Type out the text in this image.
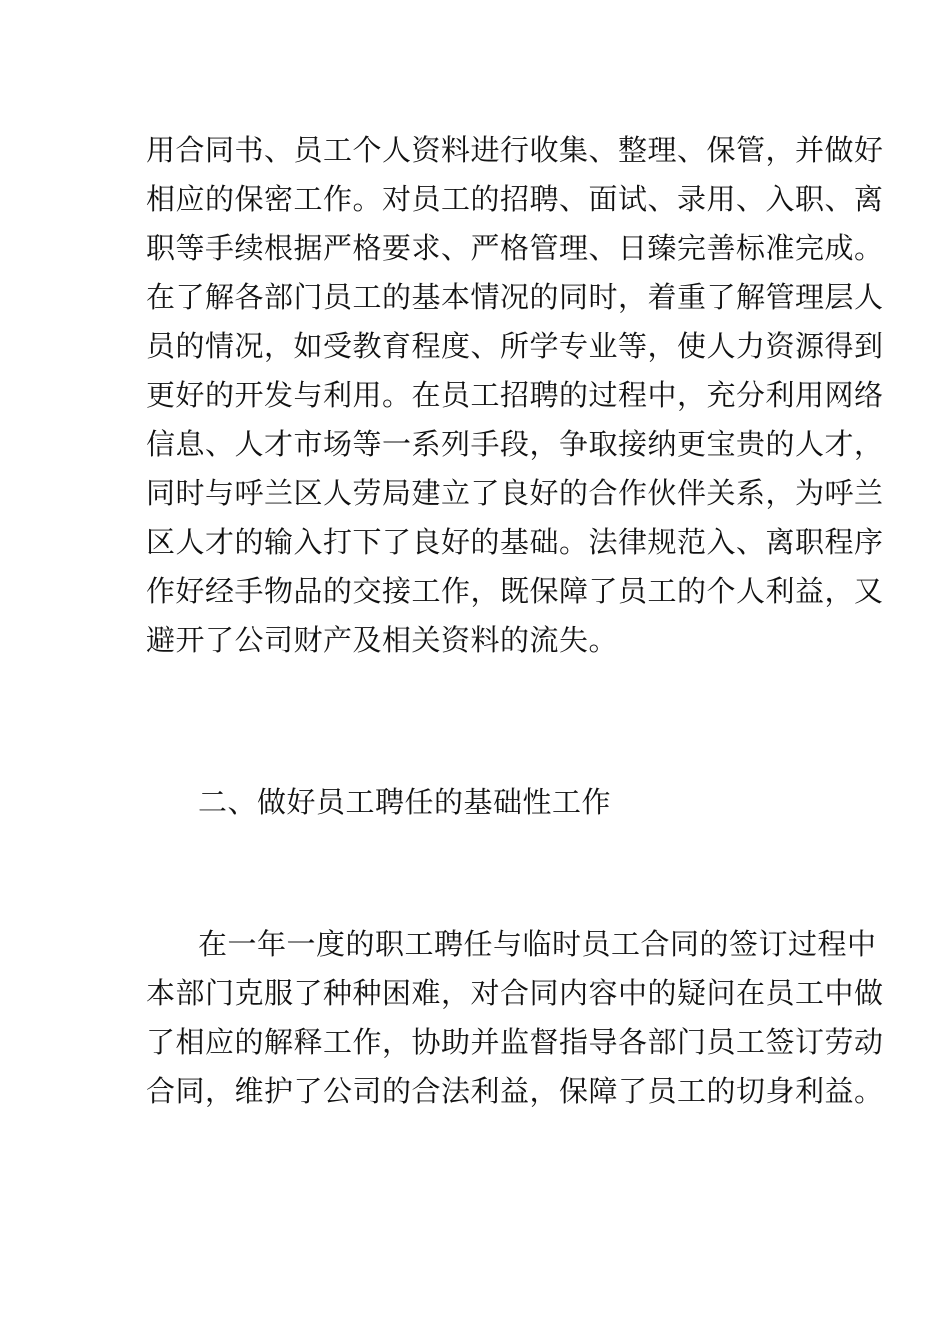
用合同书、员工个人资料进行收集、整理、保管，并做好
相应的保密工作。对员工的招聘、面试、录用、入职、离
职等手续根据严格要求、严格管理、日臻完善标准完成。
在了解各部门员工的基本情况的同时，着重了解管理层人
员的情况，如受教育程度、所学专业等，使人力资源得到
更好的开发与利用。在员工招聘的过程中，充分利用网络
信息、人才市场等一系列手段，争取接纳更宝贵的人才，
同时与呼兰区人劳局建立了良好的合作伙伴关系，为呼兰
区人才的输入打下了良好的基础。法律规范入、离职程序
作好经手物品的交接工作，既保障了员工的个人利益，又
避开了公司财产及相关资料的流失。
二、做好员工聘任的基础性工作
在一年一度的职工聘任与临时员工合同的签订过程中
本部门克服了种种困难，对合同内容中的疑问在员工中做
了相应的解释工作，协助并监督指导各部门员工签订劳动
合同，维护了公司的合法利益，保障了员工的切身利益。
